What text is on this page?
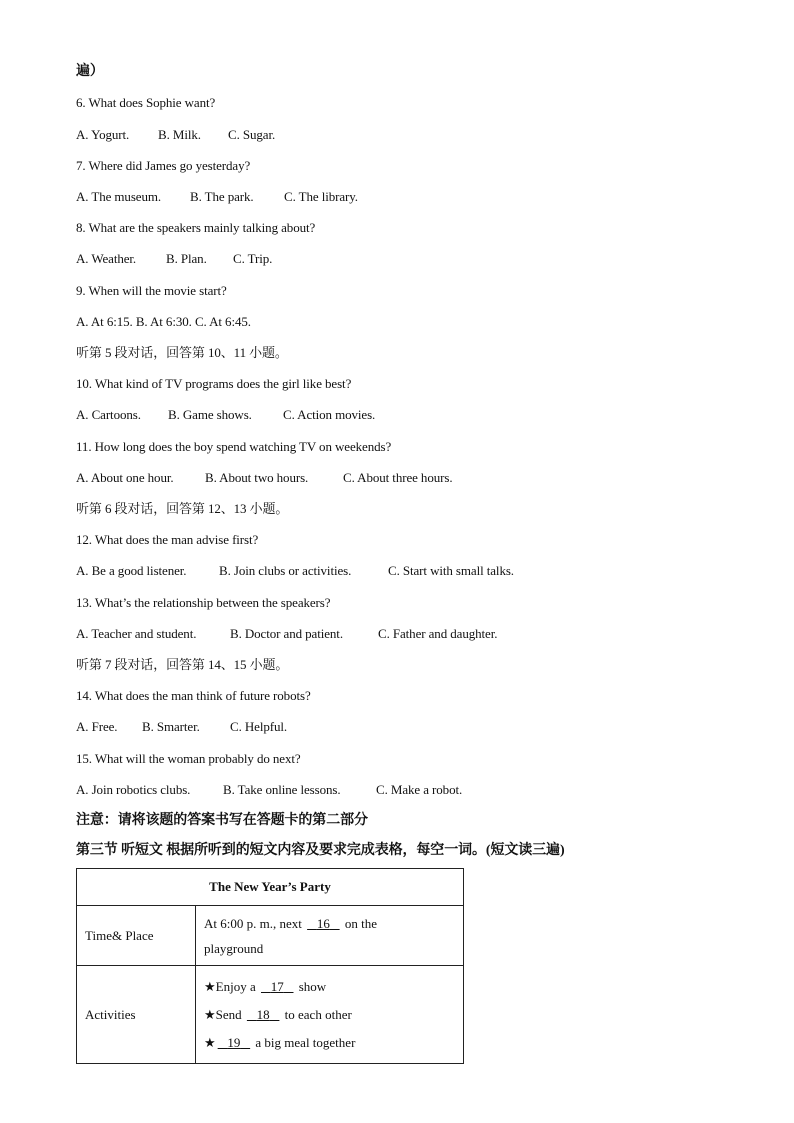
遍）
6. What does Sophie want?
A. Yogurt. B. Milk. C. Sugar.
7. Where did James go yesterday?
A. The museum. B. The park. C. The library.
8. What are the speakers mainly talking about?
A. Weather. B. Plan. C. Trip.
9. When will the movie start?
A. At 6:15. B. At 6:30. C. At 6:45.
听第 5 段对话，回答第 10、11 小题。
10. What kind of TV programs does the girl like best?
A. Cartoons. B. Game shows. C. Action movies.
11. How long does the boy spend watching TV on weekends?
A. About one hour. B. About two hours.	C. About three hours.
听第 6 段对话，回答第 12、13 小题。
12. What does the man advise first?
A. Be a good listener.	B. Join clubs or activities.	C. Start with small talks.
13. What’s the relationship between the speakers?
A. Teacher and student.	B. Doctor and patient.	C. Father and daughter.
听第 7 段对话，回答第 14、15 小题。
14. What does the man think of future robots?
A. Free. B. Smarter. C. Helpful.
15. What will the woman probably do next?
A. Join robotics clubs.	B. Take online lessons.	C. Make a robot.
注意：请将该题的答案书写在答题卡的第二部分
第三节 听短文 根据所听到的短文内容及要求完成表格，每空一词。(短文读三遍)
The New Year’s Party	
Time& Place	At 6:00 p. m., next 16 on the
playground
Activities	★Enjoy a 17 show
★Send 18 to each other
★ 19 a big meal together
